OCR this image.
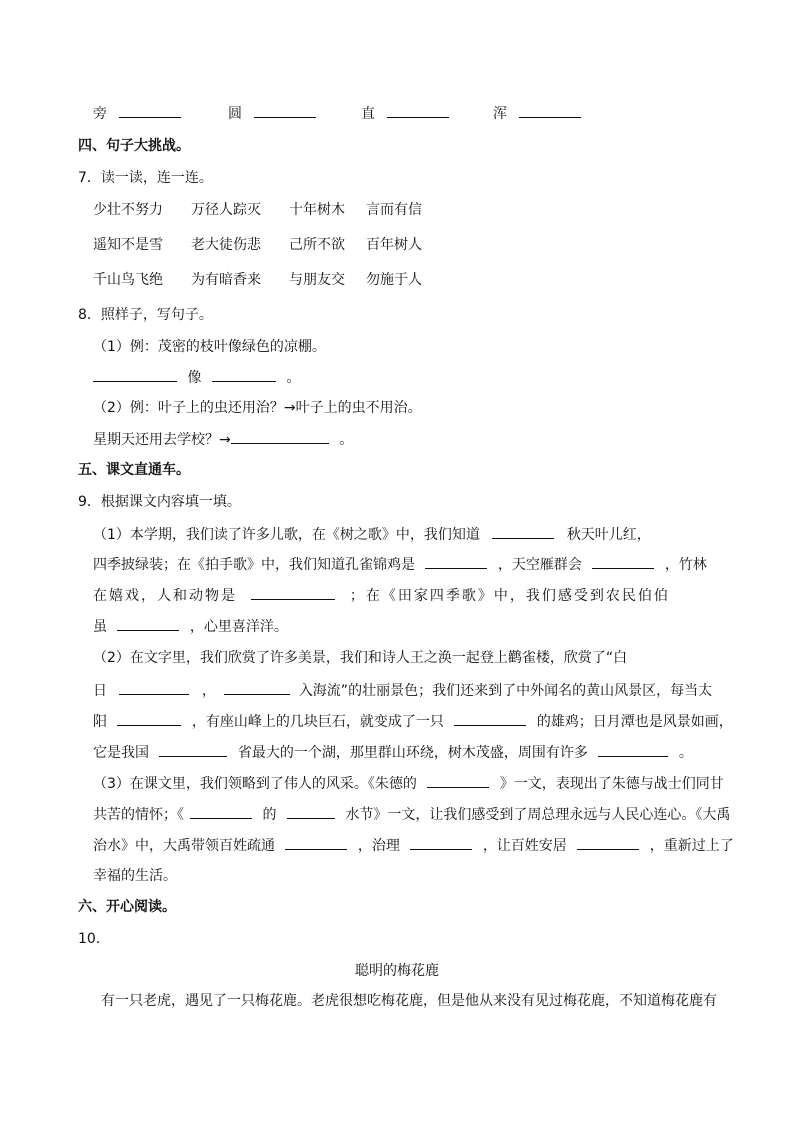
旁	圆	直	浑
四、句子大挑战。
7．读一读，连一连。
少壮不努力 万径人踪灭 十年树木 言而有信
遥知不是雪 老大徒伤悲 己所不欲 百年树人
千山鸟飞绝 为有暗香来 与朋友交 勿施于人
8．照样子，写句子。
（1）例：茂密的枝叶像绿色的凉棚。
像	。
（2）例：叶子上的虫还用治？→叶子上的虫不用治。
星期天还用去学校？→	。
五、课文直通车。
9．根据课文内容填一填。
（1）本学期，我们读了许多儿歌，在《树之歌》中，我们知道	秋天叶儿红，
四季披绿装；在《拍手歌》中，我们知道孔雀锦鸡是	，天空雁群会	，竹林
在嬉戏，人和动物是	；在《田家四季歌》中，我们感受到农民伯伯
虽	，心里喜洋洋。
（2）在文字里，我们欣赏了许多美景，我们和诗人王之涣一起登上鹳雀楼，欣赏了“白
日	，	入海流”的壮丽景色；我们还来到了中外闻名的黄山风景区，每当太
阳	，有座山峰上的几块巨石，就变成了一只	的雄鸡；日月潭也是风景如画，
它是我国	省最大的一个湖，那里群山环绕，树木茂盛，周围有许多	。
（3）在课文里，我们领略到了伟人的风采。《朱德的	》一文，表现出了朱德与战士们同甘
共苦的情怀；《	的	水节》一文，让我们感受到了周总理永远与人民心连心。《大禹
治水》中，大禹带领百姓疏通	，治理	，让百姓安居	，重新过上了
幸福的生活。
六、开心阅读。
10．
聪明的梅花鹿
有一只老虎，遇见了一只梅花鹿。老虎很想吃梅花鹿，但是他从来没有见过梅花鹿，不知道梅花鹿有
